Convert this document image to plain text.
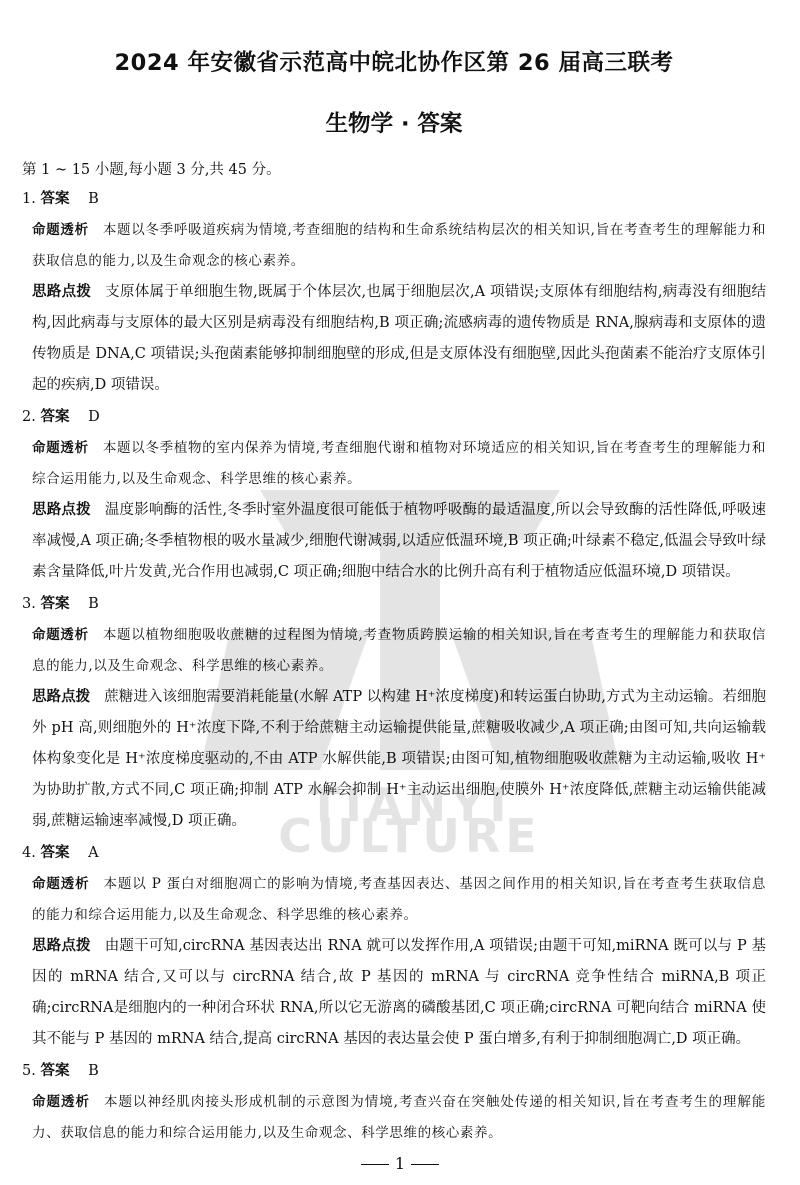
TIANYI CULTURE
2024 年安徽省示范高中皖北协作区第 26 届高三联考
生物学 · 答案

第 1 ~ 15 小题,每小题 3 分,共 45 分。

1. 答案 B

命题透析 本题以冬季呼吸道疾病为情境,考查细胞的结构和生命系统结构层次的相关知识,旨在考查考生的理解能力和获取信息的能力,以及生命观念的核心素养。

思路点拨 支原体属于单细胞生物,既属于个体层次,也属于细胞层次,A 项错误;支原体有细胞结构,病毒没有细胞结构,因此病毒与支原体的最大区别是病毒没有细胞结构,B 项正确;流感病毒的遗传物质是 RNA,腺病毒和支原体的遗传物质是 DNA,C 项错误;头孢菌素能够抑制细胞壁的形成,但是支原体没有细胞壁,因此头孢菌素不能治疗支原体引起的疾病,D 项错误。

2. 答案 D

命题透析 本题以冬季植物的室内保养为情境,考查细胞代谢和植物对环境适应的相关知识,旨在考查考生的理解能力和综合运用能力,以及生命观念、科学思维的核心素养。

思路点拨 温度影响酶的活性,冬季时室外温度很可能低于植物呼吸酶的最适温度,所以会导致酶的活性降低,呼吸速率减慢,A 项正确;冬季植物根的吸水量减少,细胞代谢减弱,以适应低温环境,B 项正确;叶绿素不稳定,低温会导致叶绿素含量降低,叶片发黄,光合作用也减弱,C 项正确;细胞中结合水的比例升高有利于植物适应低温环境,D 项错误。

3. 答案 B

命题透析 本题以植物细胞吸收蔗糖的过程图为情境,考查物质跨膜运输的相关知识,旨在考查考生的理解能力和获取信息的能力,以及生命观念、科学思维的核心素养。

思路点拨 蔗糖进入该细胞需要消耗能量(水解 ATP 以构建 H⁺浓度梯度)和转运蛋白协助,方式为主动运输。若细胞外 pH 高,则细胞外的 H⁺浓度下降,不利于给蔗糖主动运输提供能量,蔗糖吸收减少,A 项正确;由图可知,共向运输载体构象变化是 H⁺浓度梯度驱动的,不由 ATP 水解供能,B 项错误;由图可知,植物细胞吸收蔗糖为主动运输,吸收 H⁺为协助扩散,方式不同,C 项正确;抑制 ATP 水解会抑制 H⁺主动运出细胞,使膜外 H⁺浓度降低,蔗糖主动运输供能减弱,蔗糖运输速率减慢,D 项正确。

4. 答案 A

命题透析 本题以 P 蛋白对细胞凋亡的影响为情境,考查基因表达、基因之间作用的相关知识,旨在考查考生获取信息的能力和综合运用能力,以及生命观念、科学思维的核心素养。

思路点拨 由题干可知,circRNA 基因表达出 RNA 就可以发挥作用,A 项错误;由题干可知,miRNA 既可以与 P 基因的 mRNA 结合,又可以与 circRNA 结合,故 P 基因的 mRNA 与 circRNA 竞争性结合 miRNA,B 项正确;circRNA是细胞内的一种闭合环状 RNA,所以它无游离的磷酸基团,C 项正确;circRNA 可靶向结合 miRNA 使其不能与 P 基因的 mRNA 结合,提高 circRNA 基因的表达量会使 P 蛋白增多,有利于抑制细胞凋亡,D 项正确。

5. 答案 B

命题透析 本题以神经肌肉接头形成机制的示意图为情境,考查兴奋在突触处传递的相关知识,旨在考查考生的理解能力、获取信息的能力和综合运用能力,以及生命观念、科学思维的核心素养。

1
